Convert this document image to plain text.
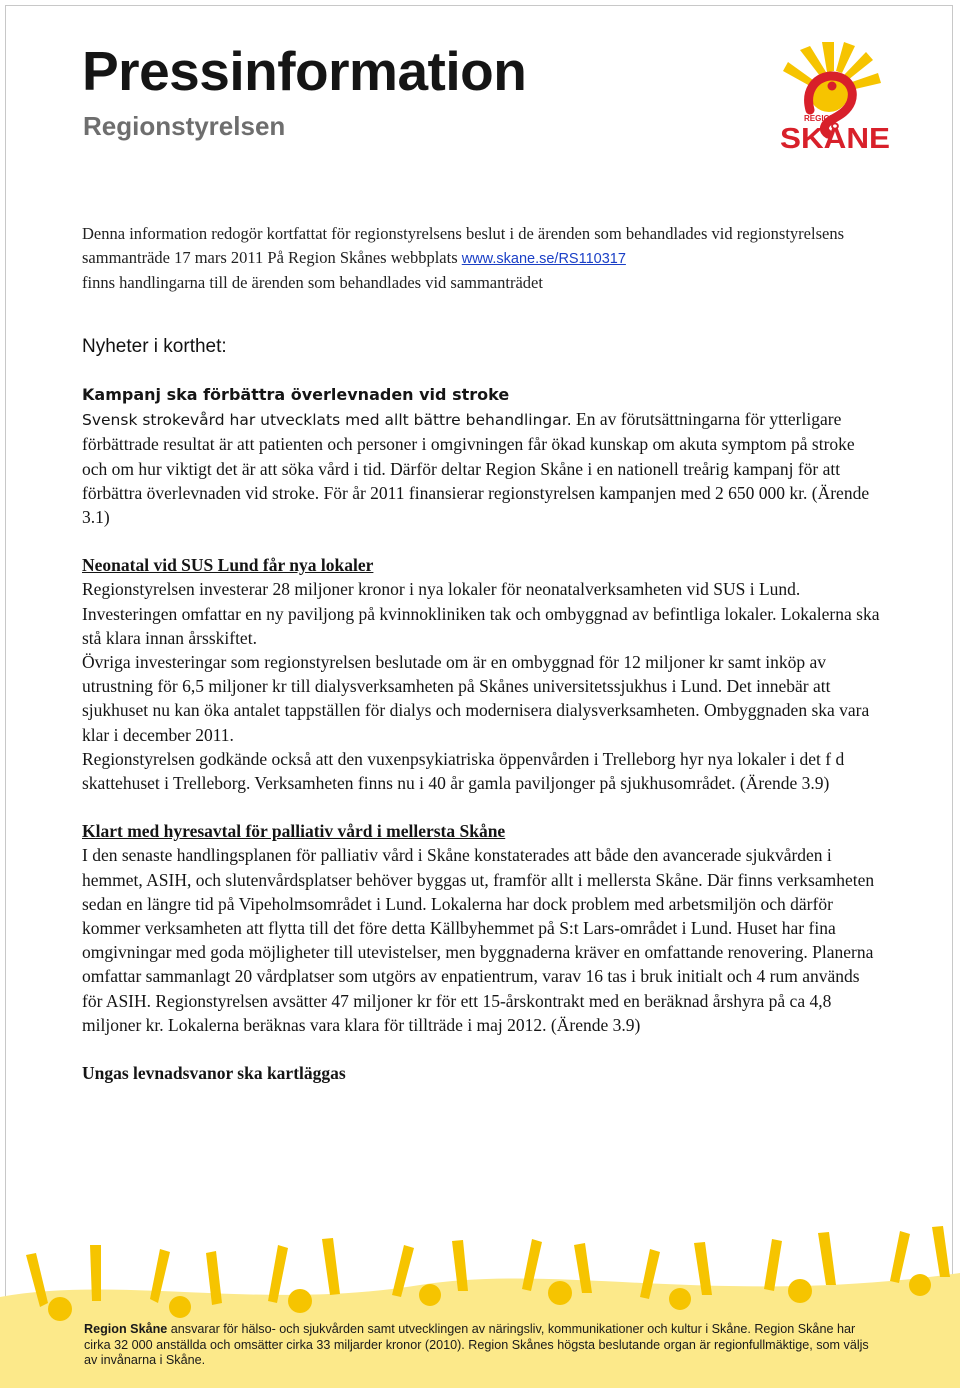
Pressinformation
Regionstyrelsen	REGION
SKÅNE

Denna information redogör kortfattat för regionstyrelsens beslut i de ärenden som behandlades vid regionstyrelsens sammanträde 17 mars 2011 På Region Skånes webbplats www.skane.se/RS110317
finns handlingarna till de ärenden som behandlades vid sammanträdet

Nyheter i korthet:
Kampanj ska förbättra överlevnaden vid stroke

Svensk strokevård har utvecklats med allt bättre behandlingar. En av förutsättningarna för ytterligare förbättrade resultat är att patienten och personer i omgivningen får ökad kunskap om akuta symptom på stroke och om hur viktigt det är att söka vård i tid. Därför deltar Region Skåne i en nationell treårig kampanj för att förbättra överlevnaden vid stroke. För år 2011 finansierar regionstyrelsen kampanjen med 2 650 000 kr. (Ärende 3.1)

Neonatal vid SUS Lund får nya lokaler

Regionstyrelsen investerar 28 miljoner kronor i nya lokaler för neonatalverksamheten vid SUS i Lund. Investeringen omfattar en ny paviljong på kvinnokliniken tak och ombyggnad av befintliga lokaler. Lokalerna ska stå klara innan årsskiftet.

Övriga investeringar som regionstyrelsen beslutade om är en ombyggnad för 12 miljoner kr samt inköp av utrustning för 6,5 miljoner kr till dialysverksamheten på Skånes universitetssjukhus i Lund. Det innebär att sjukhuset nu kan öka antalet tappställen för dialys och modernisera dialysverksamheten. Ombyggnaden ska vara klar i december 2011.

Regionstyrelsen godkände också att den vuxenpsykiatriska öppenvården i Trelleborg hyr nya lokaler i det f d skattehuset i Trelleborg. Verksamheten finns nu i 40 år gamla paviljonger på sjukhusområdet. (Ärende 3.9)

Klart med hyresavtal för palliativ vård i mellersta Skåne

I den senaste handlingsplanen för palliativ vård i Skåne konstaterades att både den avancerade sjukvården i hemmet, ASIH, och slutenvårdsplatser behöver byggas ut, framför allt i mellersta Skåne. Där finns verksamheten sedan en längre tid på Vipeholmsområdet i Lund. Lokalerna har dock problem med arbetsmiljön och därför kommer verksamheten att flytta till det före detta Källbyhemmet på S:t Lars-området i Lund. Huset har fina omgivningar med goda möjligheter till utevistelser, men byggnaderna kräver en omfattande renovering. Planerna omfattar sammanlagt 20 vårdplatser som utgörs av enpatientrum, varav 16 tas i bruk initialt och 4 rum används för ASIH. Regionstyrelsen avsätter 47 miljoner kr för ett 15-årskontrakt med en beräknad årshyra på ca 4,8 miljoner kr. Lokalerna beräknas vara klara för tillträde i maj 2012. (Ärende 3.9)

Ungas levnadsvanor ska kartläggas

Region Skåne ansvarar för hälso- och sjukvården samt utvecklingen av näringsliv, kommunikationer och kultur i Skåne. Region Skåne har cirka 32 000 anställda och omsätter cirka 33 miljarder kronor (2010). Region Skånes högsta beslutande organ är regionfullmäktige, som väljs av invånarna i Skåne.
